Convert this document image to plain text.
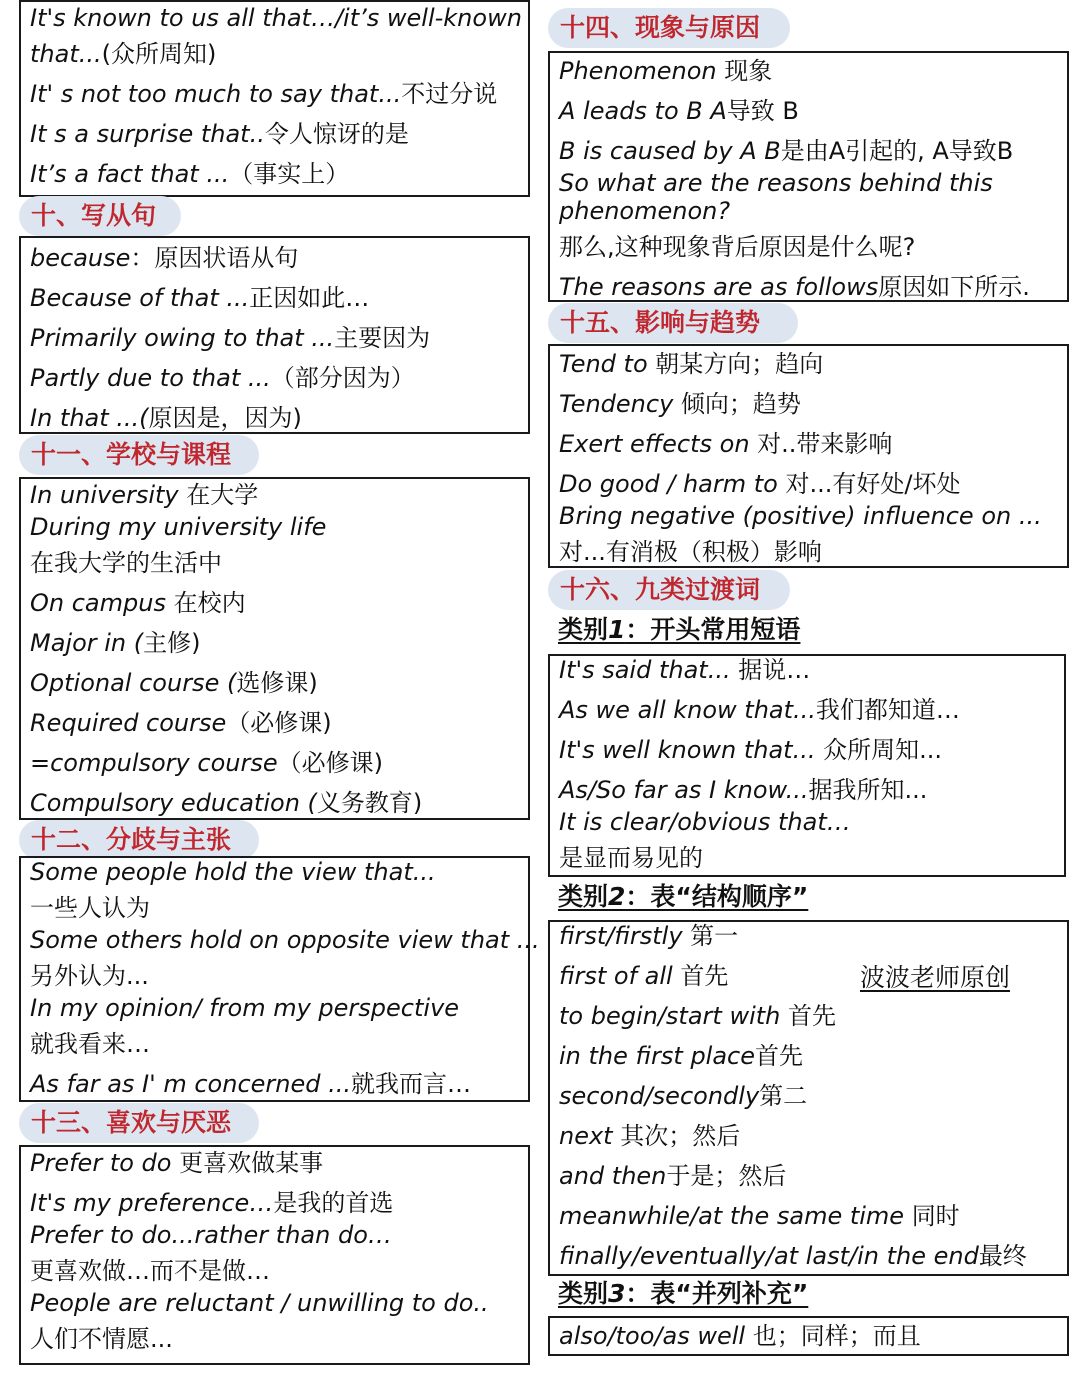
It's known to us all that…/it’s well-known
that...(众所周知)
It' s not too much to say that...不过分说
It s a surprise that..令人惊讶的是
It’s a fact that ...（事实上）
十、写从句
because：原因状语从句
Because of that ...正因如此…
Primarily owing to that ...主要因为
Partly due to that ...（部分因为）
In that ...(原因是，因为)
十一、学校与课程
In university 在大学
During my university life
在我大学的生活中
On campus 在校内
Major in (主修)
Optional course (选修课)
Required course（必修课)
=compulsory course（必修课)
Compulsory education (义务教育)
十二、分歧与主张
Some people hold the view that...
一些人认为
Some others hold on opposite view that ...
另外认为...
In my opinion/ from my perspective
就我看来…
As far as I' m concerned ...就我而言…
十三、喜欢与厌恶
Prefer to do 更喜欢做某事
It's my preference…是我的首选
Prefer to do...rather than do…
更喜欢做…而不是做…
People are reluctant / unwilling to do..
人们不情愿...
十四、现象与原因
Phenomenon 现象
A leads to B A导致 B
B is caused by A B是由A引起的, A导致B
So what are the reasons behind this
phenomenon?
那么,这种现象背后原因是什么呢?
The reasons are as follows原因如下所示.
十五、影响与趋势
Tend to 朝某方向；趋向
Tendency 倾向；趋势
Exert effects on 对..带来影响
Do good / harm to 对...有好处/坏处
Bring negative (positive) influence on ...
对...有消极（积极）影响
十六、九类过渡词
类别1：开头常用短语
It's said that... 据说…
As we all know that...我们都知道…
It's well known that... 众所周知...
As/So far as I know...据我所知...
It is clear/obvious that…
是显而易见的
类别2：表“结构顺序”
first/firstly 第一
first of all 首先
to begin/start with 首先
in the first place首先
second/secondly第二
next 其次；然后
and then于是；然后
meanwhile/at the same time 同时
finally/eventually/at last/in the end最终
波波老师原创
类别3：表“并列补充”
also/too/as well 也；同样；而且
